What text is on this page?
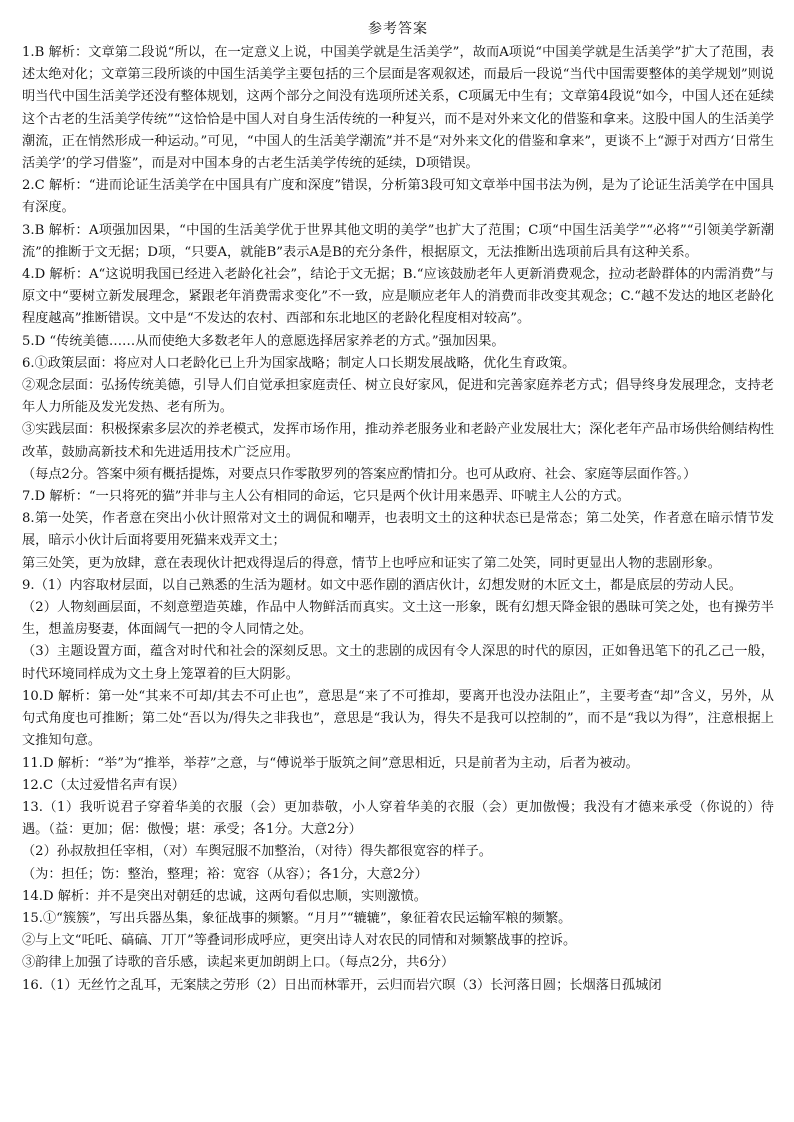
参考答案

1.B 解析：文章第二段说“所以，在一定意义上说，中国美学就是生活美学”，故而A项说“中国美学就是生活美学”扩大了范围，表述太绝对化；文章第三段所谈的中国生活美学主要包括的三个层面是客观叙述，而最后一段说“当代中国需要整体的美学规划”则说明当代中国生活美学还没有整体规划，这两个部分之间没有选项所述关系，C项属无中生有；文章第4段说“如今，中国人还在延续这个古老的生活美学传统”“这恰恰是中国人对自身生活传统的一种复兴，而不是对外来文化的借鉴和拿来。这股中国人的生活美学潮流，正在悄然形成一种运动。”可见，“中国人的生活美学潮流”并不是“对外来文化的借鉴和拿来”，更谈不上“源于对西方‘日常生活美学’的学习借鉴”，而是对中国本身的古老生活美学传统的延续，D项错误。

2.C 解析：“进而论证生活美学在中国具有广度和深度”错误，分析第3段可知文章举中国书法为例，是为了论证生活美学在中国具有深度。

3.B 解析：A项强加因果，“中国的生活美学优于世界其他文明的美学”也扩大了范围；C项“中国生活美学”“必将”“引领美学新潮流”的推断于文无据；D项，“只要A，就能B”表示A是B的充分条件，根据原文，无法推断出选项前后具有这种关系。

4.D 解析：A“这说明我国已经进入老龄化社会”，结论于文无据；B.“应该鼓励老年人更新消费观念，拉动老龄群体的内需消费”与原文中“要树立新发展理念，紧跟老年消费需求变化”不一致，应是顺应老年人的消费而非改变其观念；C.“越不发达的地区老龄化程度越高”推断错误。文中是“不发达的农村、西部和东北地区的老龄化程度相对较高”。

5.D “传统美德……从而使绝大多数老年人的意愿选择居家养老的方式。”强加因果。

6.①政策层面：将应对人口老龄化已上升为国家战略；制定人口长期发展战略，优化生育政策。

②观念层面：弘扬传统美德，引导人们自觉承担家庭责任、树立良好家风，促进和完善家庭养老方式；倡导终身发展理念，支持老年人力所能及发光发热、老有所为。

③实践层面：积极探索多层次的养老模式，发挥市场作用，推动养老服务业和老龄产业发展壮大；深化老年产品市场供给侧结构性改革，鼓励高新技术和先进适用技术广泛应用。

（每点2分。答案中须有概括提炼，对要点只作零散罗列的答案应酌情扣分。也可从政府、社会、家庭等层面作答。）

7.D 解析：“一只将死的猫”并非与主人公有相同的命运，它只是两个伙计用来愚弄、吓唬主人公的方式。

8.第一处笑，作者意在突出小伙计照常对文土的调侃和嘲弄，也表明文土的这种状态已是常态；第二处笑，作者意在暗示情节发展，暗示小伙计后面将要用死猫来戏弄文土；

第三处笑，更为放肆，意在表现伙计把戏得逞后的得意，情节上也呼应和证实了第二处笑，同时更显出人物的悲剧形象。

9.（1）内容取材层面，以自己熟悉的生活为题材。如文中恶作剧的酒店伙计，幻想发财的木匠文土，都是底层的劳动人民。

（2）人物刻画层面，不刻意塑造英雄，作品中人物鲜活而真实。文土这一形象，既有幻想天降金银的愚昧可笑之处，也有操劳半生，想盖房娶妻，体面阔气一把的令人同情之处。

（3）主题设置方面，蕴含对时代和社会的深刻反思。文土的悲剧的成因有令人深思的时代的原因，正如鲁迅笔下的孔乙己一般，时代环境同样成为文土身上笼罩着的巨大阴影。

10.D 解析：第一处“其来不可却/其去不可止也”，意思是“来了不可推却，要离开也没办法阻止”，主要考查“却”含义，另外，从句式角度也可推断；第二处“吾以为/得失之非我也”，意思是“我认为，得失不是我可以控制的”，而不是“我以为得”，注意根据上文推知句意。

11.D 解析：“举”为“推举，举荐”之意，与“傅说举于版筑之间”意思相近，只是前者为主动，后者为被动。

12.C（太过爱惜名声有误）

13.（1）我听说君子穿着华美的衣服（会）更加恭敬，小人穿着华美的衣服（会）更加傲慢；我没有才德来承受（你说的）待遇。（益：更加；倨：傲慢；堪：承受；各1分。大意2分）

（2）孙叔敖担任宰相，（对）车舆冠服不加整治，（对待）得失都很宽容的样子。

（为：担任；饬：整治，整理；裕：宽容（从容）；各1分，大意2分）

14.D 解析：并不是突出对朝廷的忠诚，这两句看似忠顺，实则激愤。

15.①“簇簇”，写出兵器丛集，象征战事的频繁。“月月”“辘辘”，象征着农民运输军粮的频繁。

②与上文“吒吒、碻碻、丌丌”等叠词形成呼应，更突出诗人对农民的同情和对频繁战事的控诉。

③韵律上加强了诗歌的音乐感，读起来更加朗朗上口。（每点2分，共6分）

16.（1）无丝竹之乱耳，无案牍之劳形（2）日出而林霏开，云归而岩穴暝（3）长河落日圆；长烟落日孤城闭
